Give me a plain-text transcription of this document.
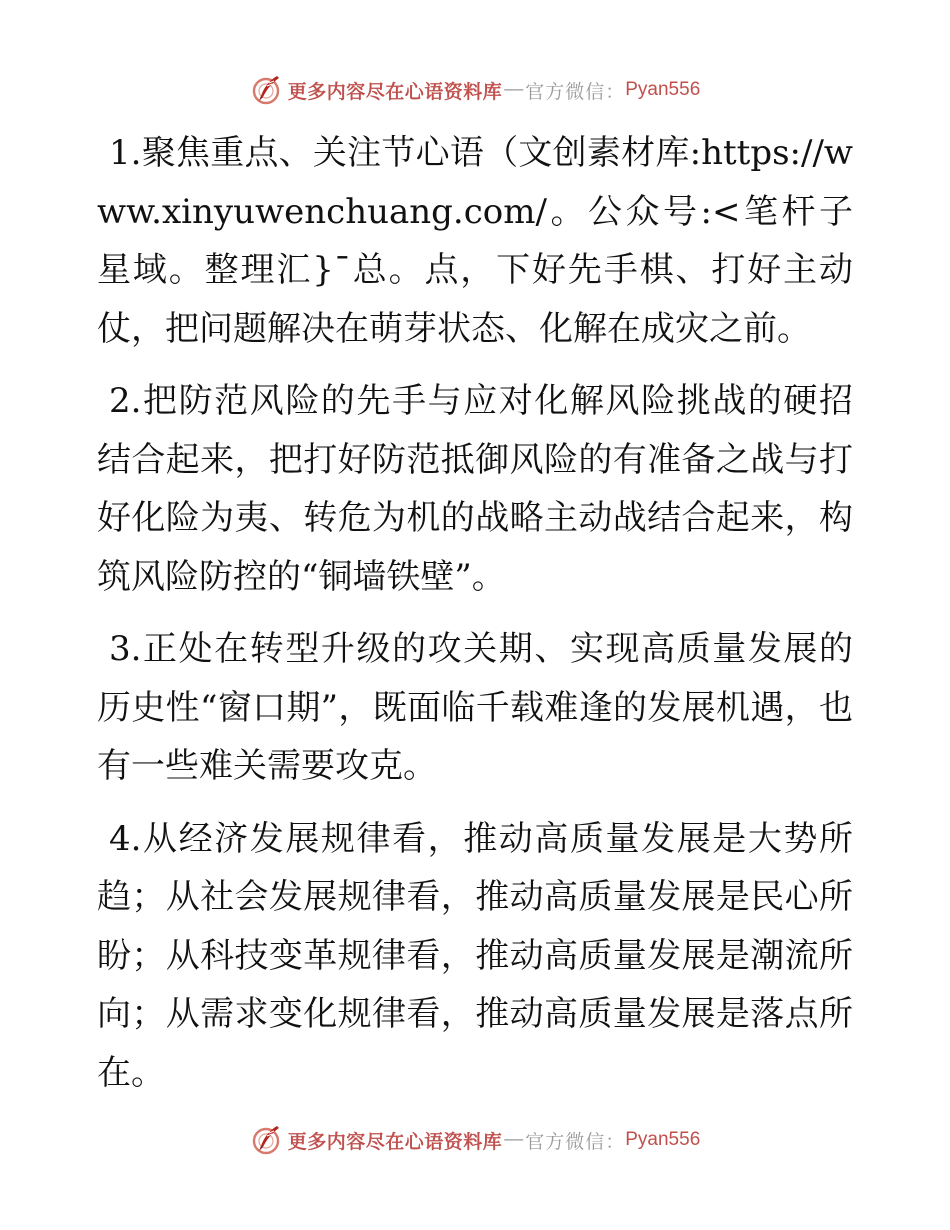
更多内容尽在心语资料库 — 官方微信： Pyan556

1.聚焦重点、关注节心语（文创素材库:https://www.xinyuwenchuang.com/。公众号:<笔杆子星域。整理汇}¯总。点，下好先手棋、打好主动仗，把问题解决在萌芽状态、化解在成灾之前。

2.把防范风险的先手与应对化解风险挑战的硬招结合起来，把打好防范抵御风险的有准备之战与打好化险为夷、转危为机的战略主动战结合起来，构筑风险防控的“铜墙铁壁”。

3.正处在转型升级的攻关期、实现高质量发展的历史性“窗口期”，既面临千载难逢的发展机遇，也有一些难关需要攻克。

4.从经济发展规律看，推动高质量发展是大势所趋；从社会发展规律看，推动高质量发展是民心所盼；从科技变革规律看，推动高质量发展是潮流所向；从需求变化规律看，推动高质量发展是落点所在。

更多内容尽在心语资料库 — 官方微信： Pyan556
